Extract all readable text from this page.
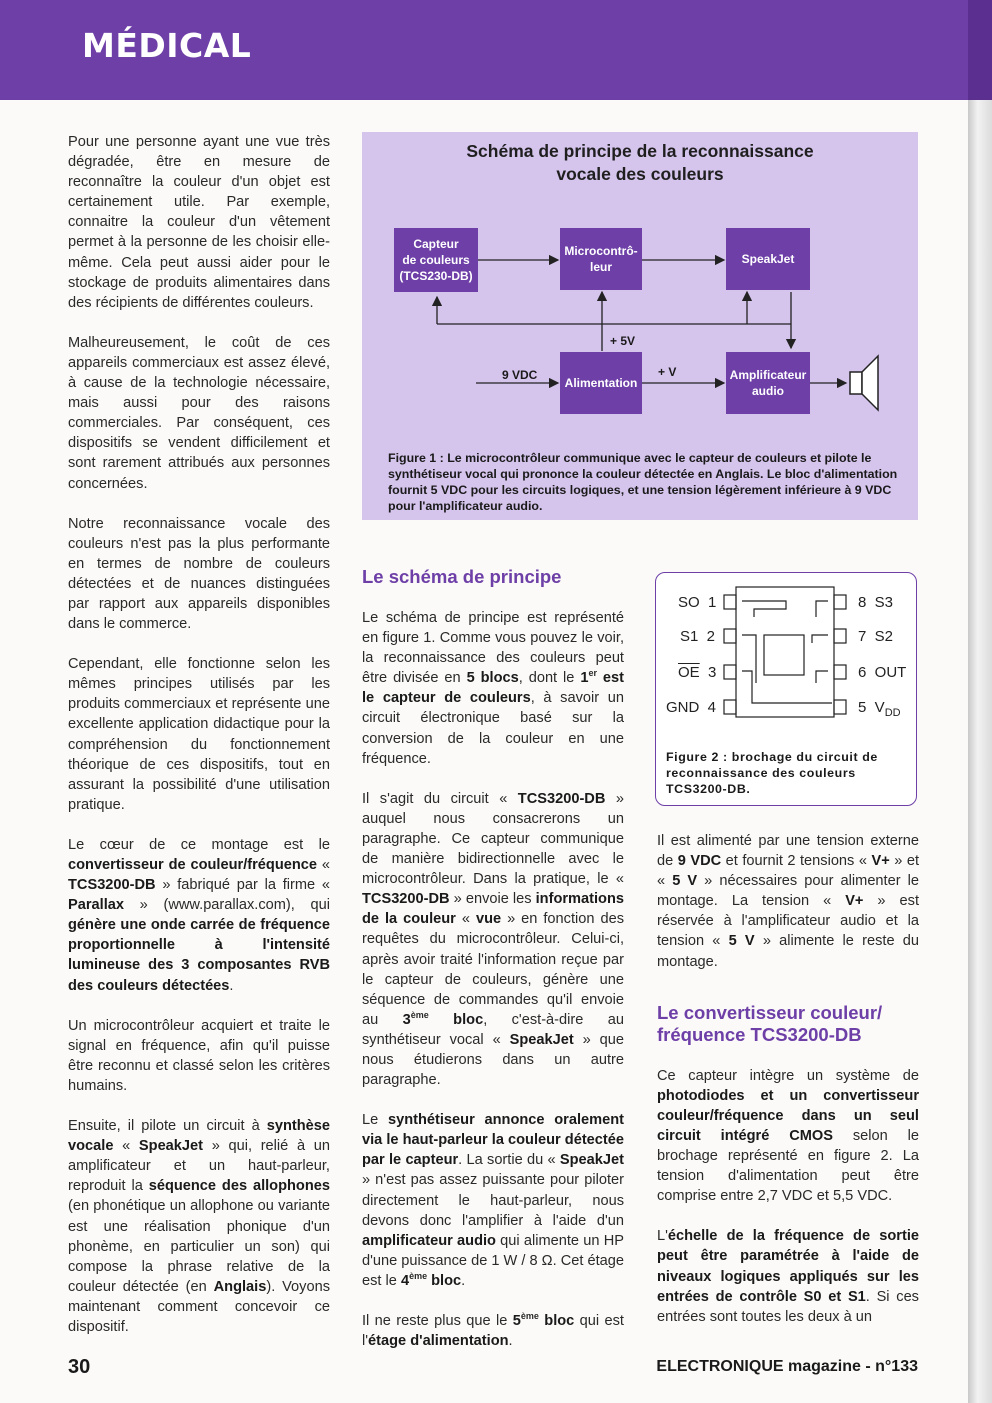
MÉDICAL

Pour une personne ayant une vue très dégradée, être en mesure de reconnaître la couleur d'un objet est certainement utile. Par exemple, connaitre la couleur d'un vêtement permet à la personne de les choisir elle-même. Cela peut aussi aider pour le stockage de produits alimentaires dans des récipients de différentes couleurs.

Malheureusement, le coût de ces appareils commerciaux est assez élevé, à cause de la technologie nécessaire, mais aussi pour des raisons commerciales. Par conséquent, ces dispositifs se vendent difficilement et sont rarement attribués aux personnes concernées.

Notre reconnaissance vocale des couleurs n'est pas la plus performante en termes de nombre de couleurs détectées et de nuances distinguées par rapport aux appareils disponibles dans le commerce.

Cependant, elle fonctionne selon les mêmes principes utilisés par les produits commerciaux et représente une excellente application didactique pour la compréhension du fonctionnement théorique de ces dispositifs, tout en assurant la possibilité d'une utilisation pratique.

Le cœur de ce montage est le convertisseur de couleur/fréquence « TCS3200-DB » fabriqué par la firme « Parallax » (www.parallax.com), qui génère une onde carrée de fréquence proportionnelle à l'intensité lumineuse des 3 composantes RVB des couleurs détectées.

Un microcontrôleur acquiert et traite le signal en fréquence, afin qu'il puisse être reconnu et classé selon les critères humains.

Ensuite, il pilote un circuit à synthèse vocale « SpeakJet » qui, relié à un amplificateur et un haut-parleur, reproduit la séquence des allophones (en phonétique un allophone ou variante est une réalisation phonique d'un phonème, en particulier un son) qui compose la phrase relative de la couleur détectée (en Anglais). Voyons maintenant comment concevoir ce dispositif.

Schéma de principe de la reconnaissance
vocale des couleurs
Capteur
de couleurs
(TCS230-DB)
Microcontrô-
leur
SpeakJet
Alimentation
Amplificateur
audio
+ 5V
9 VDC	+ V
Figure 1 : Le microcontrôleur communique avec le capteur de couleurs et pilote le synthétiseur vocal qui prononce la couleur détectée en Anglais. Le bloc d'alimentation fournit 5 VDC pour les circuits logiques, et une tension légèrement inférieure à 9 VDC pour l'amplificateur audio.
Le schéma de principe

Le schéma de principe est représenté en figure 1. Comme vous pouvez le voir, la reconnaissance des couleurs peut être divisée en 5 blocs, dont le 1er est le capteur de couleurs, à savoir un circuit électronique basé sur la conversion de la couleur en une fréquence.

Il s'agit du circuit « TCS3200-DB » auquel nous consacrerons un paragraphe. Ce capteur communique de manière bidirectionnelle avec le microcontrôleur. Dans la pratique, le « TCS3200-DB » envoie les informations de la couleur « vue » en fonction des requêtes du microcontrôleur. Celui-ci, après avoir traité l'information reçue par le capteur de couleurs, génère une séquence de commandes qu'il envoie au 3ème bloc, c'est-à-dire au synthétiseur vocal « SpeakJet » que nous étudierons dans un autre paragraphe.

Le synthétiseur annonce oralement via le haut-parleur la couleur détectée par le capteur. La sortie du « SpeakJet » n'est pas assez puissante pour piloter directement le haut-parleur, nous devons donc l'amplifier à l'aide d'un amplificateur audio qui alimente un HP d'une puissance de 1 W / 8 Ω. Cet étage est le 4ème bloc.

Il ne reste plus que le 5ème bloc qui est l'étage d'alimentation.

SO  1
S1  2
$\overline{OE}$ 3
GND  4
8  S3
7  S2
6  OUT
5  $V_{DD}$
Figure 2 : brochage du circuit de reconnaissance des couleurs TCS3200-DB.

Il est alimenté par une tension externe de 9 VDC et fournit 2 tensions « V+ » et « 5 V » nécessaires pour alimenter le montage. La tension « V+ » est réservée à l'amplificateur audio et la tension « 5 V » alimente le reste du montage.

Le convertisseur couleur/ fréquence TCS3200-DB

Ce capteur intègre un système de photodiodes et un convertisseur couleur/fréquence dans un seul circuit intégré CMOS selon le brochage représenté en figure 2. La tension d'alimentation peut être comprise entre 2,7 VDC et 5,5 VDC.

L'échelle de la fréquence de sortie peut être paramétrée à l'aide de niveaux logiques appliqués sur les entrées de contrôle S0 et S1. Si ces entrées sont toutes les deux à un

30	ELECTRONIQUE magazine - n°133
